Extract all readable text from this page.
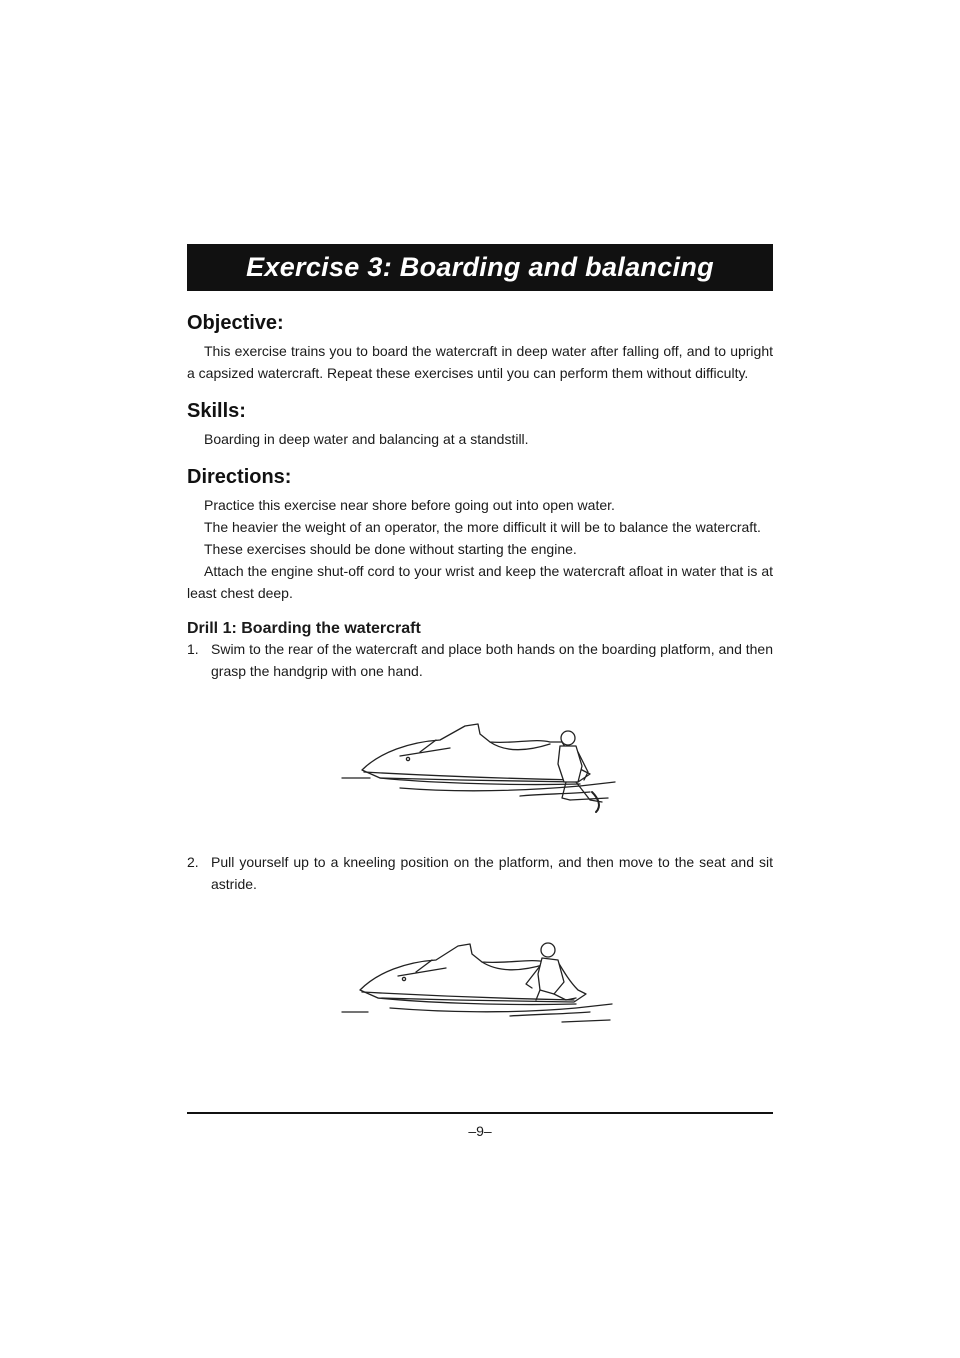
Exercise 3: Boarding and balancing
Objective:

This exercise trains you to board the watercraft in deep water after falling off, and to upright a capsized watercraft. Repeat these exercises until you can perform them without difficulty.

Skills:

Boarding in deep water and balancing at a standstill.

Directions:

Practice this exercise near shore before going out into open water.

The heavier the weight of an operator, the more difficult it will be to balance the watercraft.

These exercises should be done without starting the engine.

Attach the engine shut-off cord to your wrist and keep the watercraft afloat in water that is at least chest deep.

Drill 1: Boarding the watercraft
1. Swim to the rear of the watercraft and place both hands on the boarding platform, and then grasp the handgrip with one hand.
2. Pull yourself up to a kneeling position on the platform, and then move to the seat and sit astride.
–9–
